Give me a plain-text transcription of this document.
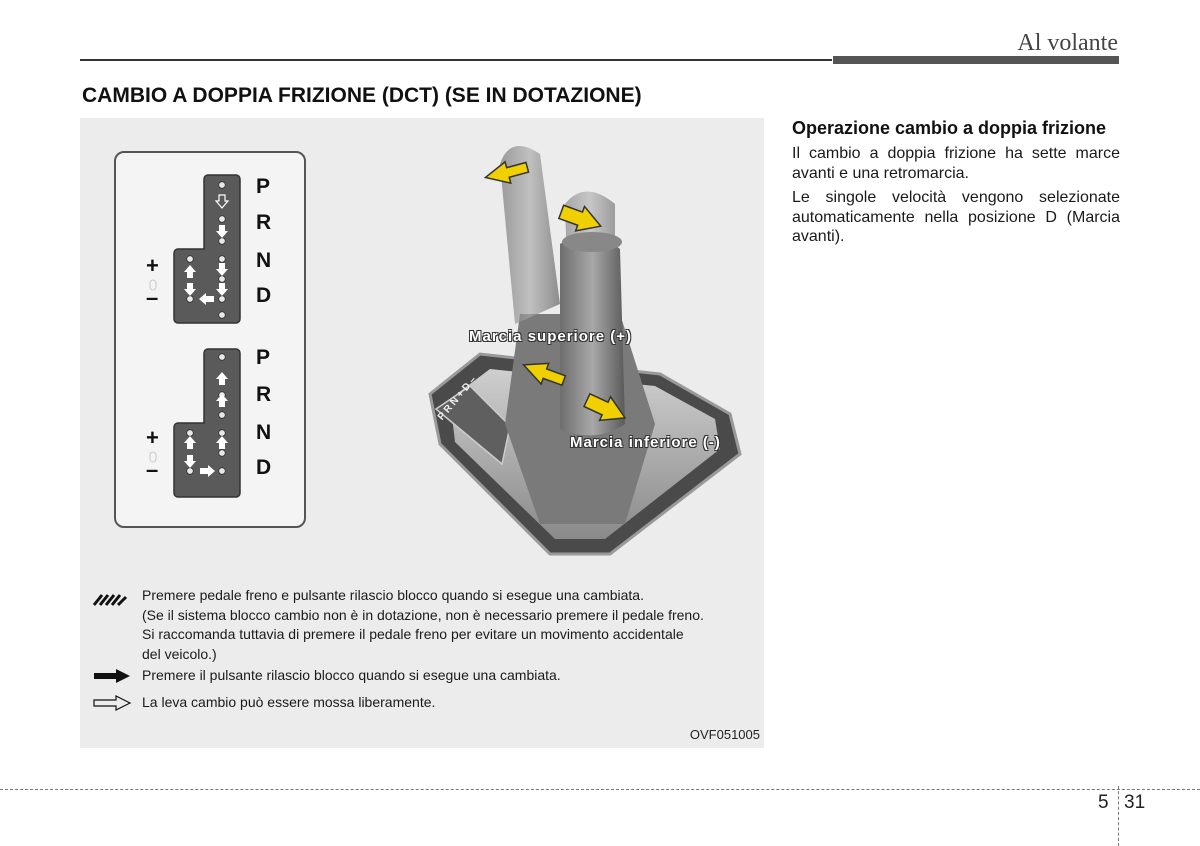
Al volante
CAMBIO A DOPPIA FRIZIONE (DCT) (SE IN DOTAZIONE)
P
R
N
D
+
–
P
R
N
D
+
–
Marcia superiore (+)
Marcia inferiore (-)
P R N + D –
Premere pedale freno e pulsante rilascio blocco quando si esegue una cambiata.
(Se il sistema blocco cambio non è in dotazione, non è necessario premere il pedale freno.
Si raccomanda tuttavia di premere il pedale freno per evitare un movimento accidentale
del veicolo.)
Premere il pulsante rilascio blocco quando si esegue una cambiata.
La leva cambio può essere mossa liberamente.
OVF051005
Operazione cambio a doppia frizione

Il cambio a doppia frizione ha sette marce avanti e una retromarcia.

Le singole velocità vengono selezionate automaticamente nella posizione D (Marcia avanti).

5 31
